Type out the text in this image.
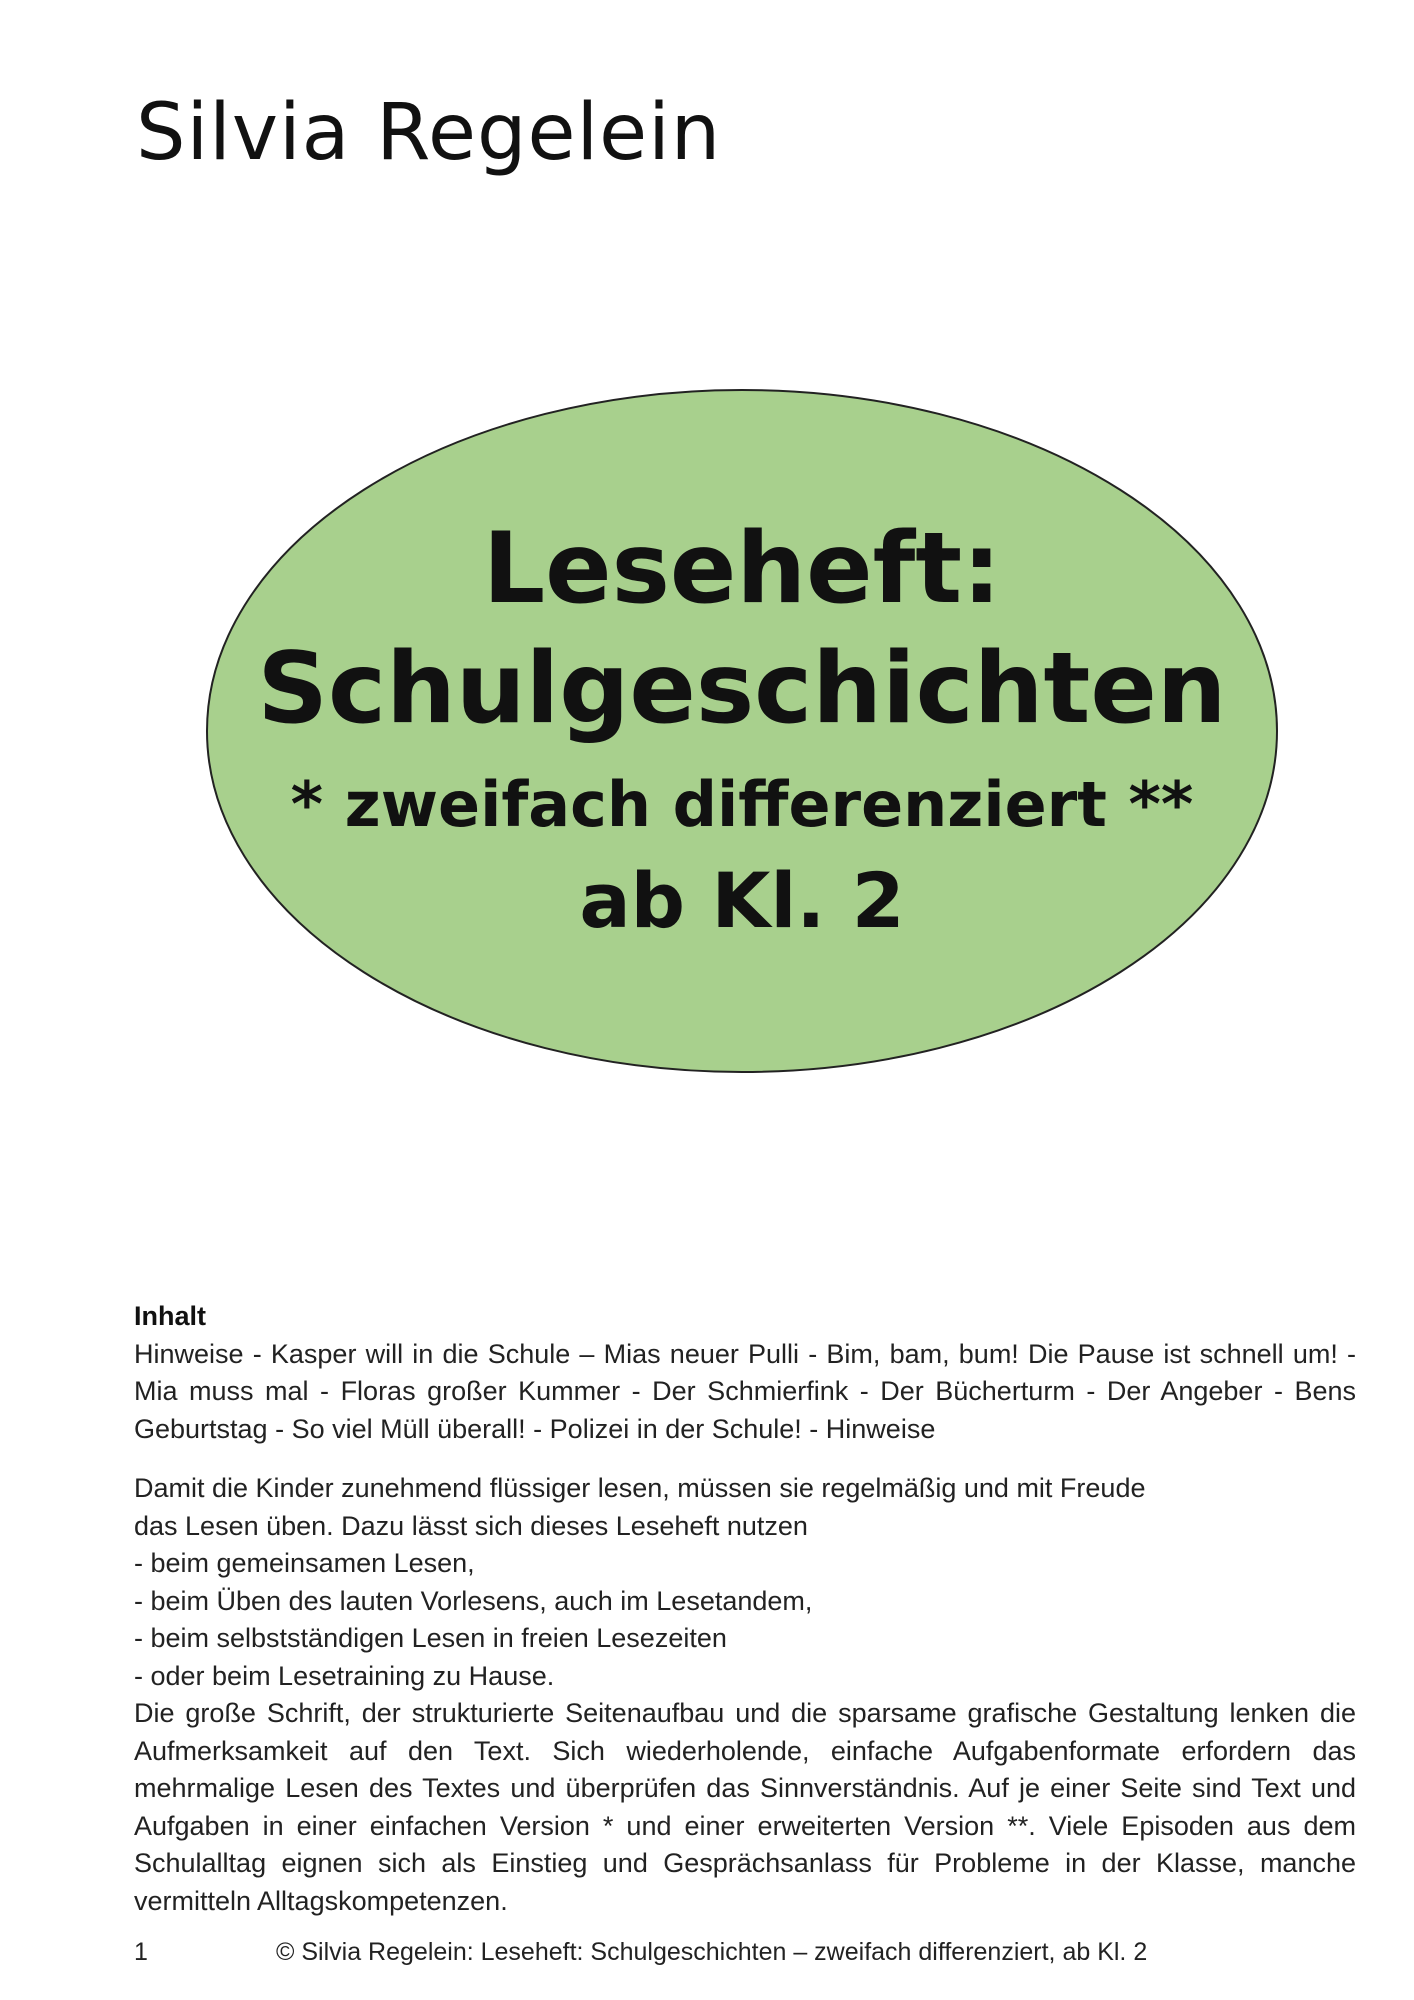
Silvia Regelein
Leseheft:
Schulgeschichten
* zweifach differenziert **
ab Kl. 2
Inhalt
Hinweise - Kasper will in die Schule – Mias neuer Pulli - Bim, bam, bum! Die Pause ist schnell um! - Mia muss mal - Floras großer Kummer - Der Schmierfink - Der Bücherturm - Der Angeber - Bens Geburtstag - So viel Müll überall! - Polizei in der Schule! - Hinweise
Damit die Kinder zunehmend flüssiger lesen, müssen sie regelmäßig und mit Freude
das Lesen üben. Dazu lässt sich dieses Leseheft nutzen
- beim gemeinsamen Lesen,
- beim Üben des lauten Vorlesens, auch im Lesetandem,
- beim selbstständigen Lesen in freien Lesezeiten
- oder beim Lesetraining zu Hause.
Die große Schrift, der strukturierte Seitenaufbau und die sparsame grafische Gestaltung lenken die Aufmerksamkeit auf den Text. Sich wiederholende, einfache Aufgabenformate erfordern das mehrmalige Lesen des Textes und überprüfen das Sinnverständnis. Auf je einer Seite sind Text und Aufgaben in einer einfachen Version * und einer erweiterten Version **. Viele Episoden aus dem Schulalltag eignen sich als Einstieg und Gesprächsanlass für Probleme in der Klasse, manche vermitteln Alltagskompetenzen.
1	© Silvia Regelein: Leseheft: Schulgeschichten – zweifach differenziert, ab Kl. 2
